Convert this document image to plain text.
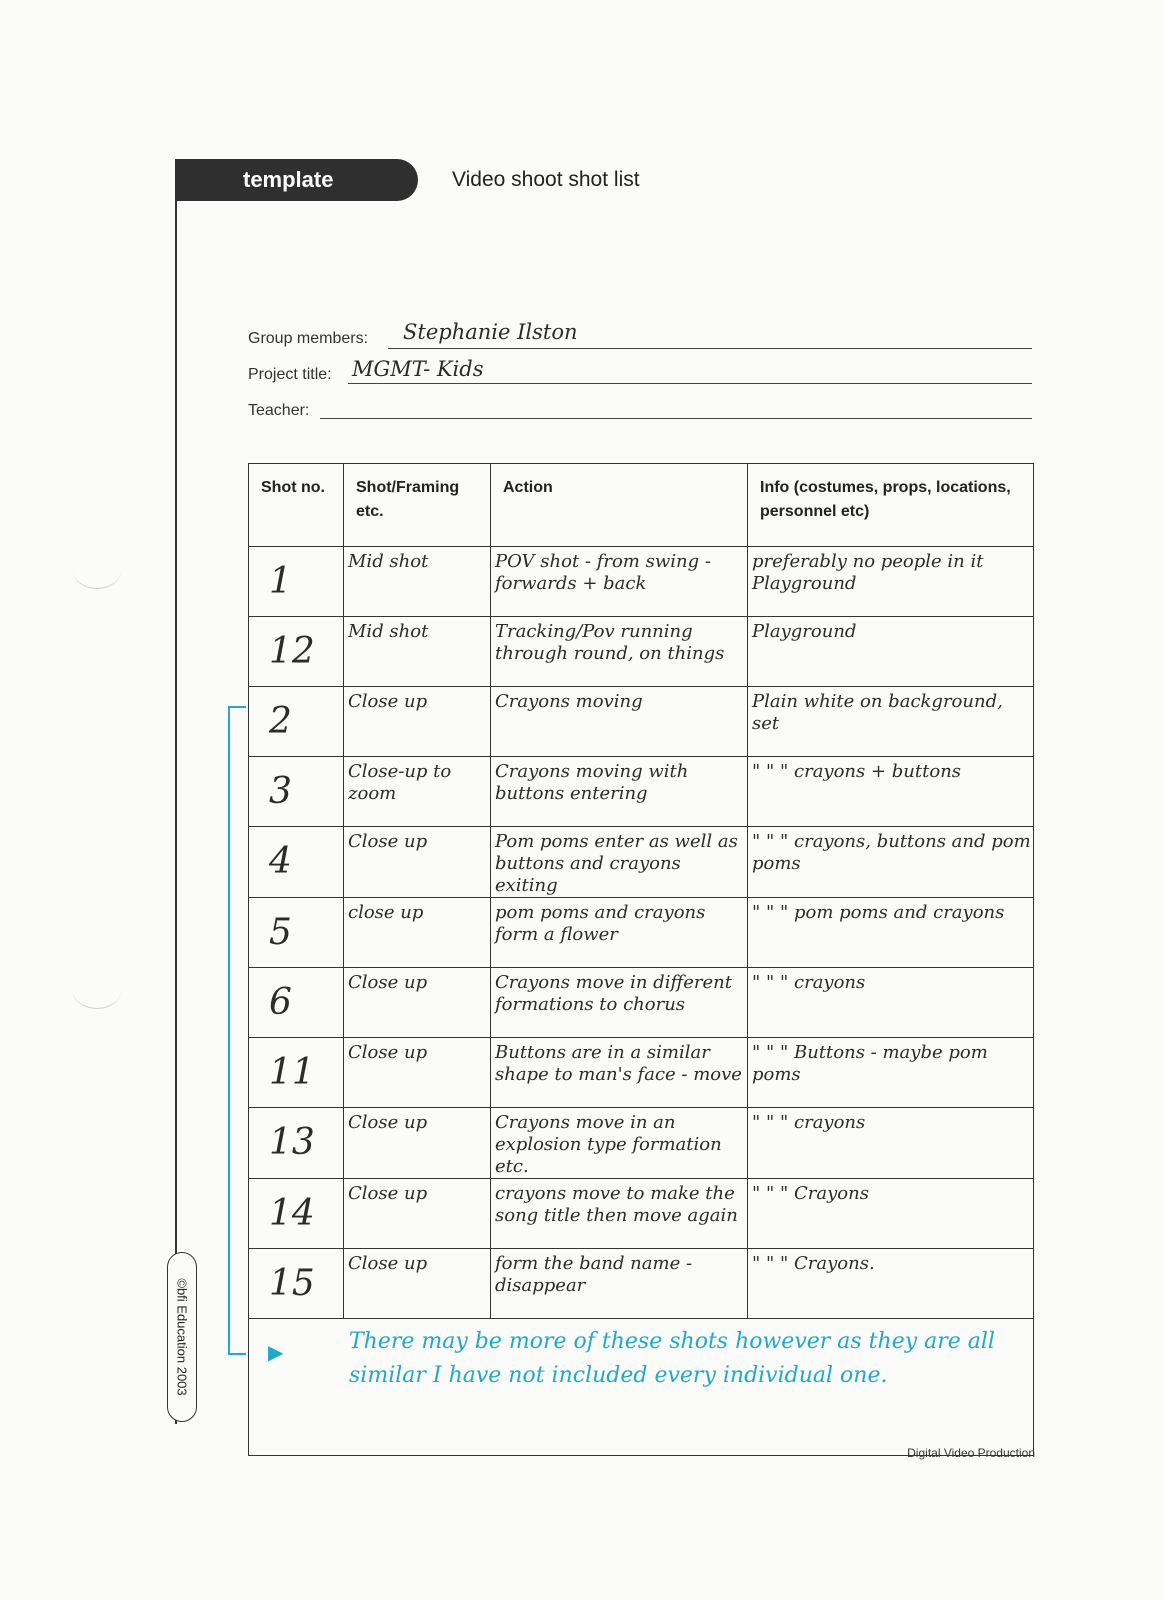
template	Video shoot shot list
Group members: Stephanie Ilston
Project title: MGMT- Kids
Teacher:
Shot no.	Shot/Framing etc.	Action	Info (costumes, props, locations, personnel etc)

1	Mid shot	POV shot - from swing - forwards + back	preferably no people in it Playground

12	Mid shot	Tracking/Pov running through round, on things	Playground

2	Close up	Crayons moving	Plain white on background, set

3	Close-up to zoom	Crayons moving with buttons entering	" " " crayons + buttons

4	Close up	Pom poms enter as well as buttons and crayons exiting	" " " crayons, buttons and pom poms

5	close up	pom poms and crayons form a flower	" " " pom poms and crayons

6	Close up	Crayons move in different formations to chorus	" " " crayons

11	Close up	Buttons are in a similar shape to man's face - move	" " " Buttons - maybe pom poms

13	Close up	Crayons move in an explosion type formation etc.	" " " crayons

14	Close up	crayons move to make the song title then move again	" " " Crayons

15	Close up	form the band name - disappear	" " " Crayons.

There may be more of these shots however as they are all similar I have not included every individual one.			
▶
©bfi Education 2003
Digital Video Production
